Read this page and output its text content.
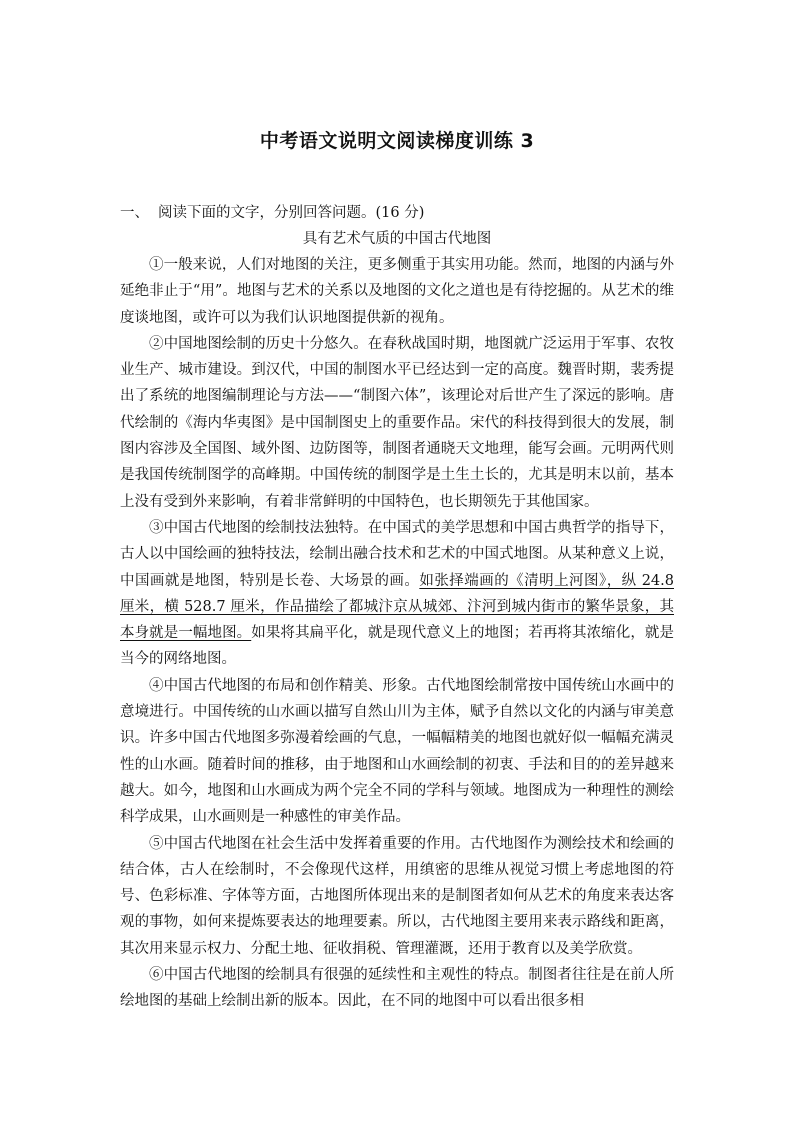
中考语文说明文阅读梯度训练 3
一、 阅读下面的文字，分别回答问题。(16 分)
具有艺术气质的中国古代地图

①一般来说，人们对地图的关注，更多侧重于其实用功能。然而，地图的内涵与外延绝非止于“用”。地图与艺术的关系以及地图的文化之道也是有待挖掘的。从艺术的维度谈地图，或许可以为我们认识地图提供新的视角。

②中国地图绘制的历史十分悠久。在春秋战国时期，地图就广泛运用于军事、农牧业生产、城市建设。到汉代，中国的制图水平已经达到一定的高度。魏晋时期，裴秀提出了系统的地图编制理论与方法——“制图六体”，该理论对后世产生了深远的影响。唐代绘制的《海内华夷图》是中国制图史上的重要作品。宋代的科技得到很大的发展，制图内容涉及全国图、域外图、边防图等，制图者通晓天文地理，能写会画。元明两代则是我国传统制图学的高峰期。中国传统的制图学是土生土长的，尤其是明末以前，基本上没有受到外来影响，有着非常鲜明的中国特色，也长期领先于其他国家。

③中国古代地图的绘制技法独特。在中国式的美学思想和中国古典哲学的指导下，古人以中国绘画的独特技法，绘制出融合技术和艺术的中国式地图。从某种意义上说，中国画就是地图，特别是长卷、大场景的画。如张择端画的《清明上河图》，纵 24.8 厘米，横 528.7 厘米，作品描绘了都城汴京从城郊、汴河到城内街市的繁华景象，其本身就是一幅地图。如果将其扁平化，就是现代意义上的地图；若再将其浓缩化，就是当今的网络地图。

④中国古代地图的布局和创作精美、形象。古代地图绘制常按中国传统山水画中的意境进行。中国传统的山水画以描写自然山川为主体，赋予自然以文化的内涵与审美意识。许多中国古代地图多弥漫着绘画的气息，一幅幅精美的地图也就好似一幅幅充满灵性的山水画。随着时间的推移，由于地图和山水画绘制的初衷、手法和目的的差异越来越大。如今，地图和山水画成为两个完全不同的学科与领域。地图成为一种理性的测绘科学成果，山水画则是一种感性的审美作品。

⑤中国古代地图在社会生活中发挥着重要的作用。古代地图作为测绘技术和绘画的结合体，古人在绘制时，不会像现代这样，用缜密的思维从视觉习惯上考虑地图的符号、色彩标准、字体等方面，古地图所体现出来的是制图者如何从艺术的角度来表达客观的事物，如何来提炼要表达的地理要素。所以，古代地图主要用来表示路线和距离，其次用来显示权力、分配土地、征收捐税、管理灌溉，还用于教育以及美学欣赏。

⑥中国古代地图的绘制具有很强的延续性和主观性的特点。制图者往往是在前人所绘地图的基础上绘制出新的版本。因此，在不同的地图中可以看出很多相
